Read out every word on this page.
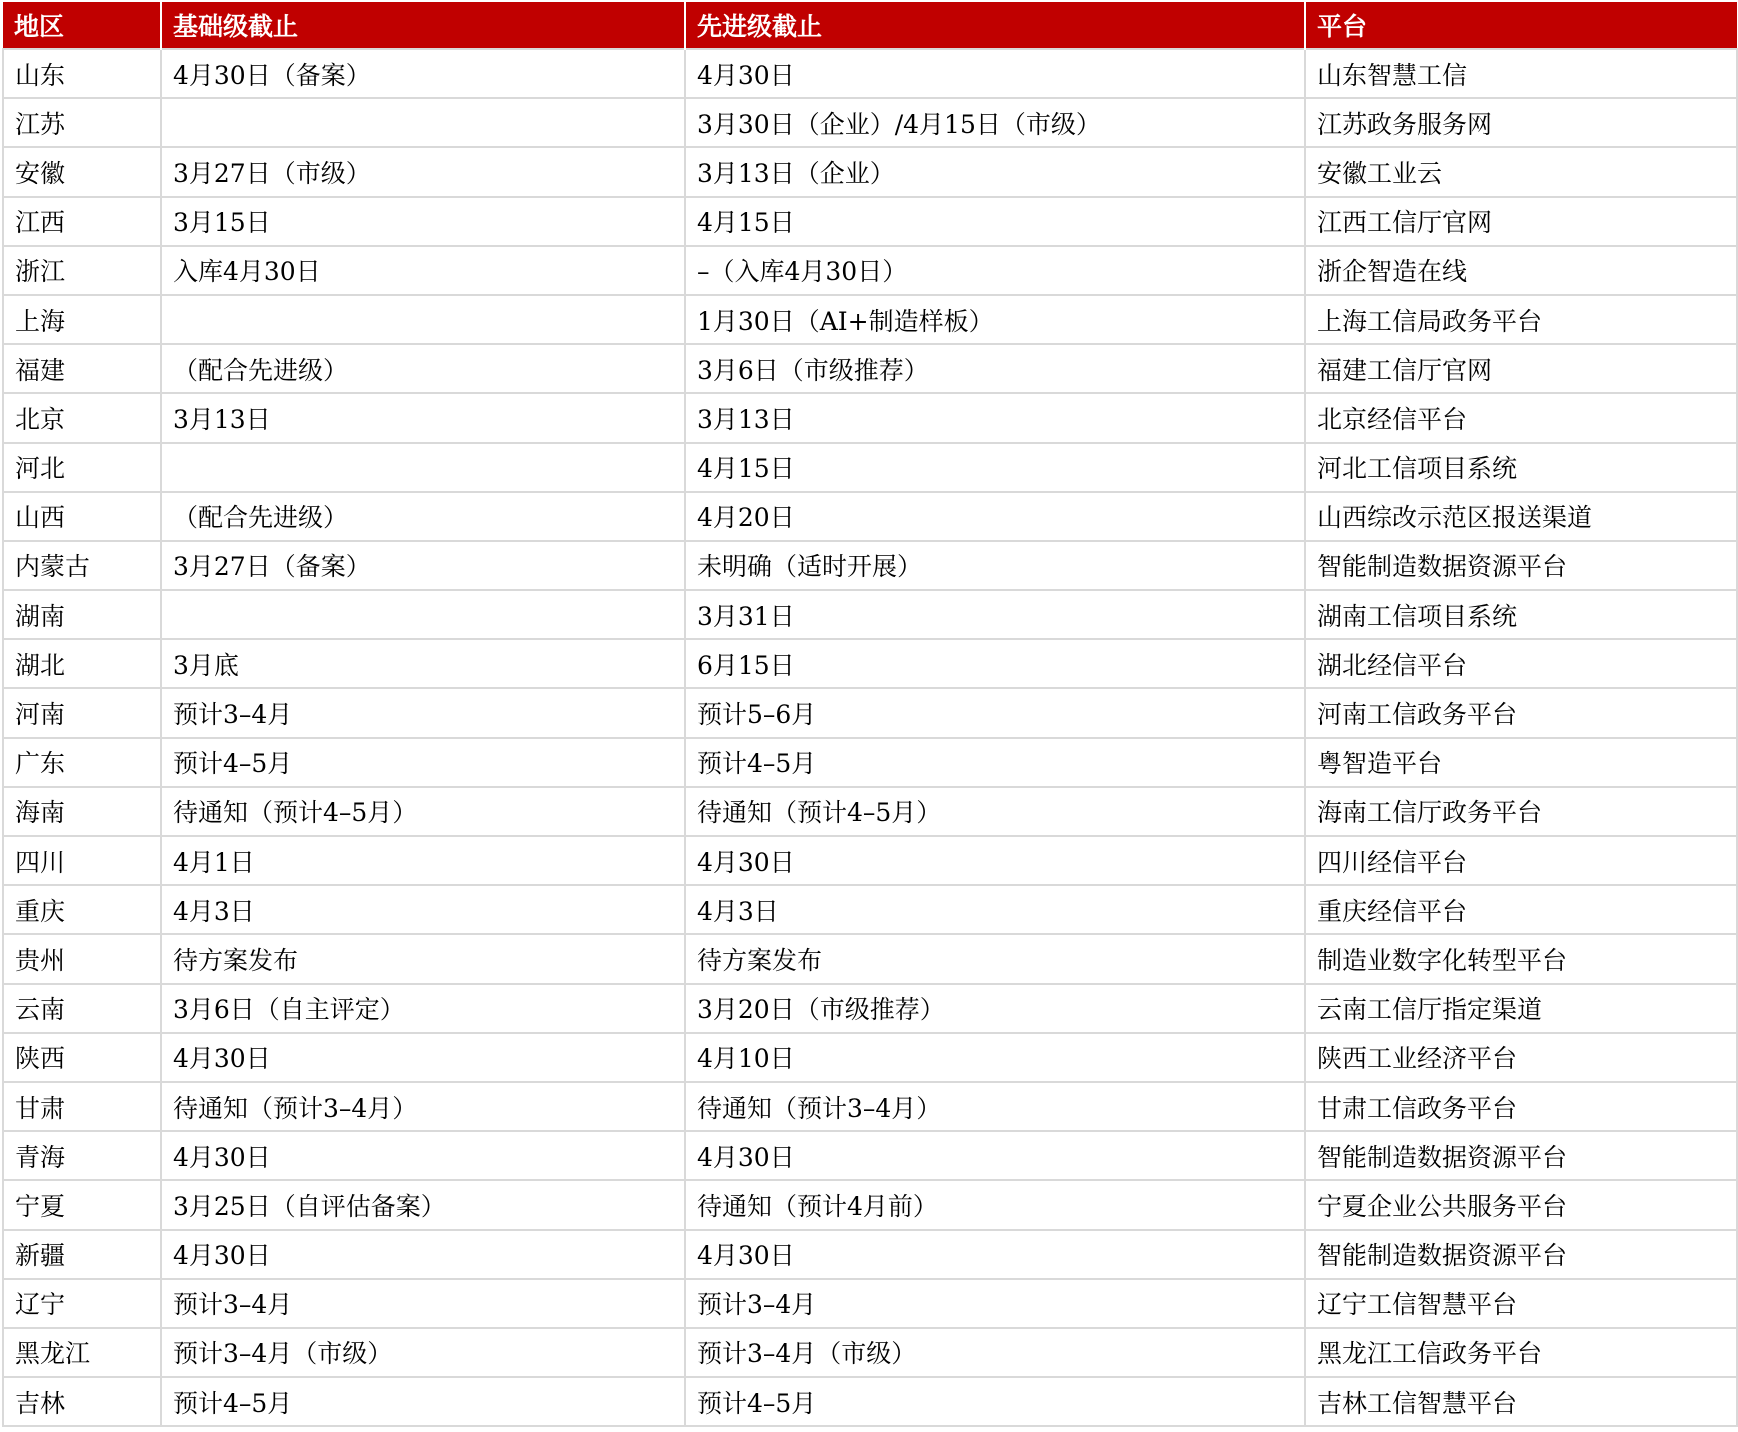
地区	基础级截止	先进级截止	平台
山东	4月30日（备案）	4月30日	山东智慧工信
江苏		3月30日（企业）/4月15日（市级）	江苏政务服务网
安徽	3月27日（市级）	3月13日（企业）	安徽工业云
江西	3月15日	4月15日	江西工信厅官网
浙江	入库4月30日	–（入库4月30日）	浙企智造在线
上海		1月30日（AI+制造样板）	上海工信局政务平台
福建	（配合先进级）	3月6日（市级推荐）	福建工信厅官网
北京	3月13日	3月13日	北京经信平台
河北		4月15日	河北工信项目系统
山西	（配合先进级）	4月20日	山西综改示范区报送渠道
内蒙古	3月27日（备案）	未明确（适时开展）	智能制造数据资源平台
湖南		3月31日	湖南工信项目系统
湖北	3月底	6月15日	湖北经信平台
河南	预计3–4月	预计5–6月	河南工信政务平台
广东	预计4–5月	预计4–5月	粤智造平台
海南	待通知（预计4–5月）	待通知（预计4–5月）	海南工信厅政务平台
四川	4月1日	4月30日	四川经信平台
重庆	4月3日	4月3日	重庆经信平台
贵州	待方案发布	待方案发布	制造业数字化转型平台
云南	3月6日（自主评定）	3月20日（市级推荐）	云南工信厅指定渠道
陕西	4月30日	4月10日	陕西工业经济平台
甘肃	待通知（预计3–4月）	待通知（预计3–4月）	甘肃工信政务平台
青海	4月30日	4月30日	智能制造数据资源平台
宁夏	3月25日（自评估备案）	待通知（预计4月前）	宁夏企业公共服务平台
新疆	4月30日	4月30日	智能制造数据资源平台
辽宁	预计3–4月	预计3–4月	辽宁工信智慧平台
黑龙江	预计3–4月（市级）	预计3–4月（市级）	黑龙江工信政务平台
吉林	预计4–5月	预计4–5月	吉林工信智慧平台
